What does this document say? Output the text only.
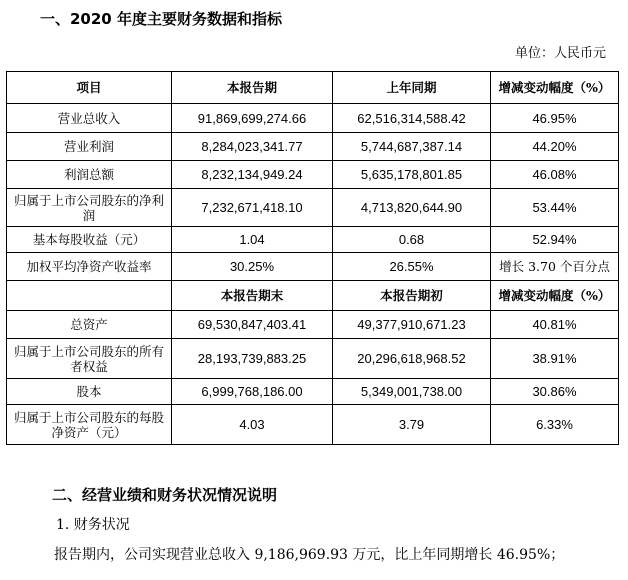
一、2020 年度主要财务数据和指标
单位：人民币元
项目	本报告期	上年同期	增减变动幅度（%）
营业总收入	91,869,699,274.66	62,516,314,588.42	46.95%
营业利润	8,284,023,341.77	5,744,687,387.14	44.20%
利润总额	8,232,134,949.24	5,635,178,801.85	46.08%
归属于上市公司股东的净利润	7,232,671,418.10	4,713,820,644.90	53.44%
基本每股收益（元）	1.04	0.68	52.94%
加权平均净资产收益率	30.25%	26.55%	增长 3.70 个百分点
	本报告期末	本报告期初	增减变动幅度（%）
总资产	69,530,847,403.41	49,377,910,671.23	40.81%
归属于上市公司股东的所有者权益	28,193,739,883.25	20,296,618,968.52	38.91%
股本	6,999,768,186.00	5,349,001,738.00	30.86%
归属于上市公司股东的每股净资产（元）	4.03	3.79	6.33%
二、经营业绩和财务状况情况说明
1. 财务状况
报告期内，公司实现营业总收入 9,186,969.93 万元，比上年同期增长 46.95%；
